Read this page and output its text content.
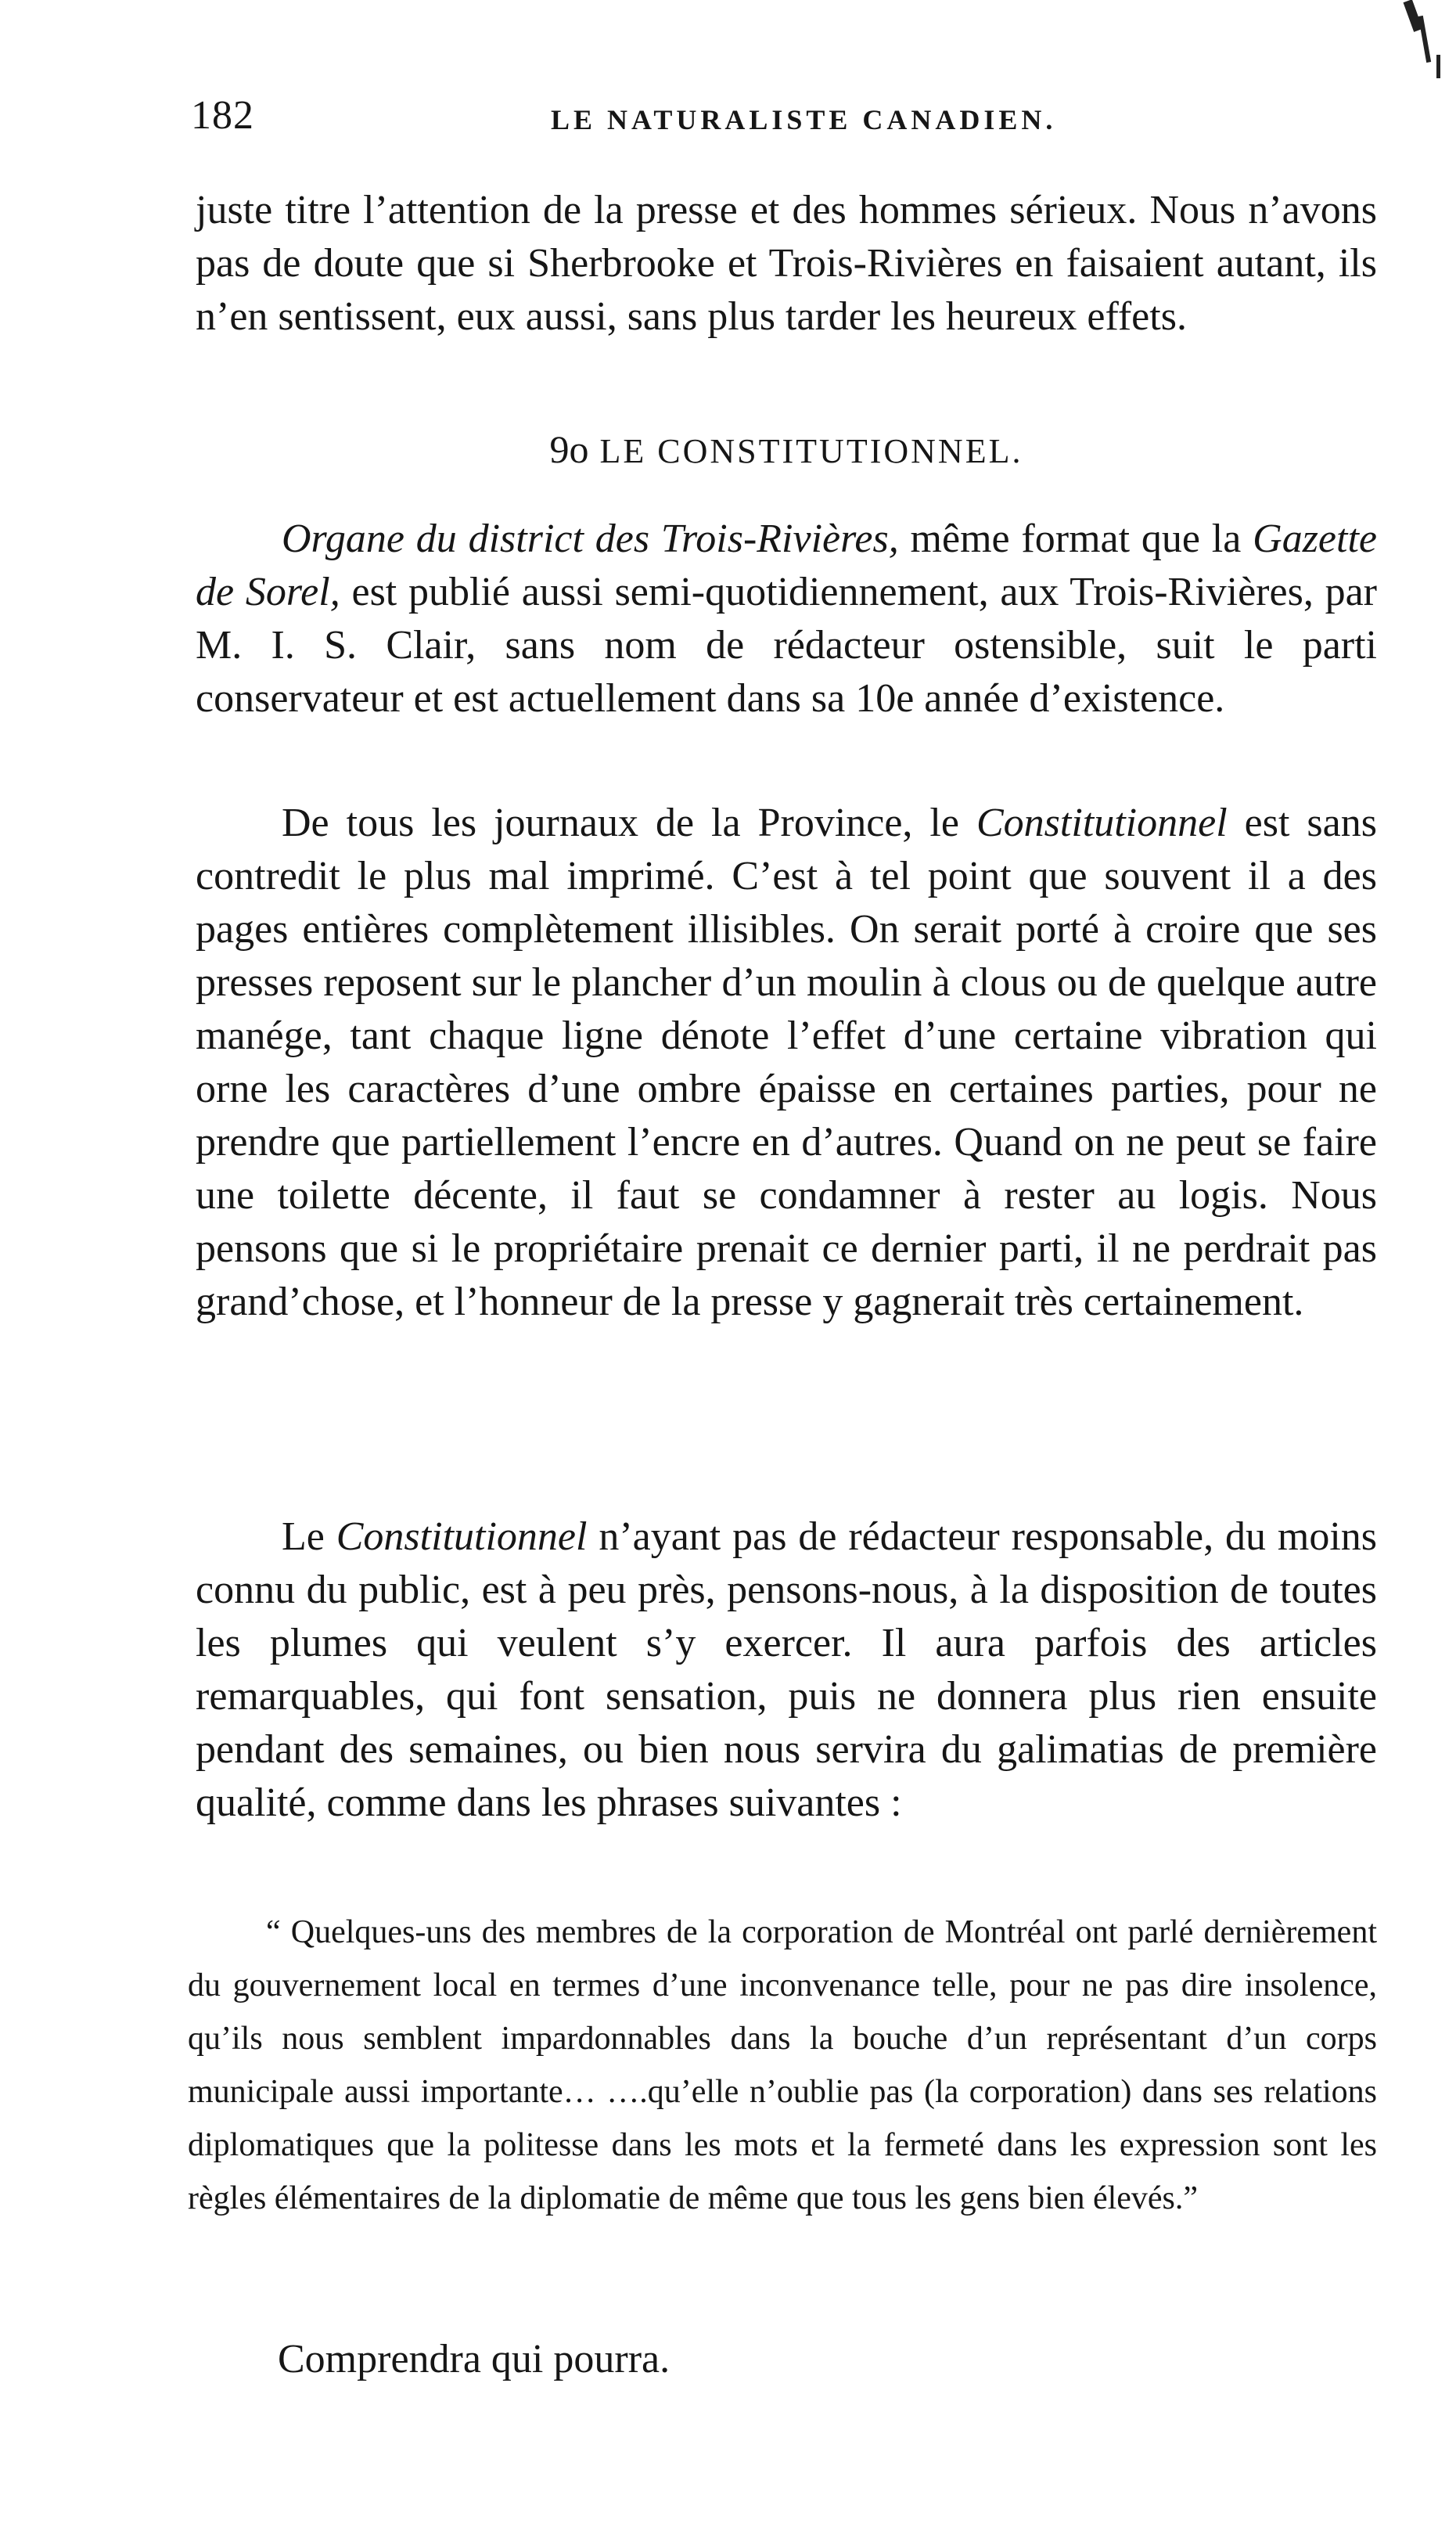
182	LE NATURALISTE CANADIEN.

juste titre l’attention de la presse et des hommes sérieux. Nous n’avons pas de doute que si Sherbrooke et Trois-Rivières en faisaient autant, ils n’en sentissent, eux aussi, sans plus tarder les heureux effets.

9o LE CONSTITUTIONNEL.

Organe du district des Trois-Rivières, même format que la Gazette de Sorel, est publié aussi semi-quotidiennement, aux Trois-Rivières, par M. I. S. Clair, sans nom de rédacteur ostensible, suit le parti conservateur et est actuellement dans sa 10e année d’existence.

De tous les journaux de la Province, le Constitutionnel est sans contredit le plus mal imprimé. C’est à tel point que souvent il a des pages entières complètement illisibles. On serait porté à croire que ses presses reposent sur le plancher d’un moulin à clous ou de quelque autre manége, tant chaque ligne dénote l’effet d’une certaine vibration qui orne les caractères d’une ombre épaisse en certaines parties, pour ne prendre que partiellement l’encre en d’autres. Quand on ne peut se faire une toilette décente, il faut se condamner à rester au logis. Nous pensons que si le propriétaire prenait ce dernier parti, il ne perdrait pas grand’chose, et l’honneur de la presse y gagnerait très certainement.

Le Constitutionnel n’ayant pas de rédacteur responsable, du moins connu du public, est à peu près, pensons-nous, à la disposition de toutes les plumes qui veulent s’y exercer. Il aura parfois des articles remarquables, qui font sensation, puis ne donnera plus rien ensuite pendant des semaines, ou bien nous servira du galimatias de première qualité, comme dans les phrases suivantes :

“ Quelques-uns des membres de la corporation de Montréal ont parlé dernièrement du gouvernement local en termes d’une inconvenance telle, pour ne pas dire insolence, qu’ils nous semblent impardonnables dans la bouche d’un représentant d’un corps municipale aussi importante… ….qu’elle n’oublie pas (la corporation) dans ses relations diplomatiques que la politesse dans les mots et la fermeté dans les expression sont les règles élémentaires de la diplomatie de même que tous les gens bien élevés.”

Comprendra qui pourra.
